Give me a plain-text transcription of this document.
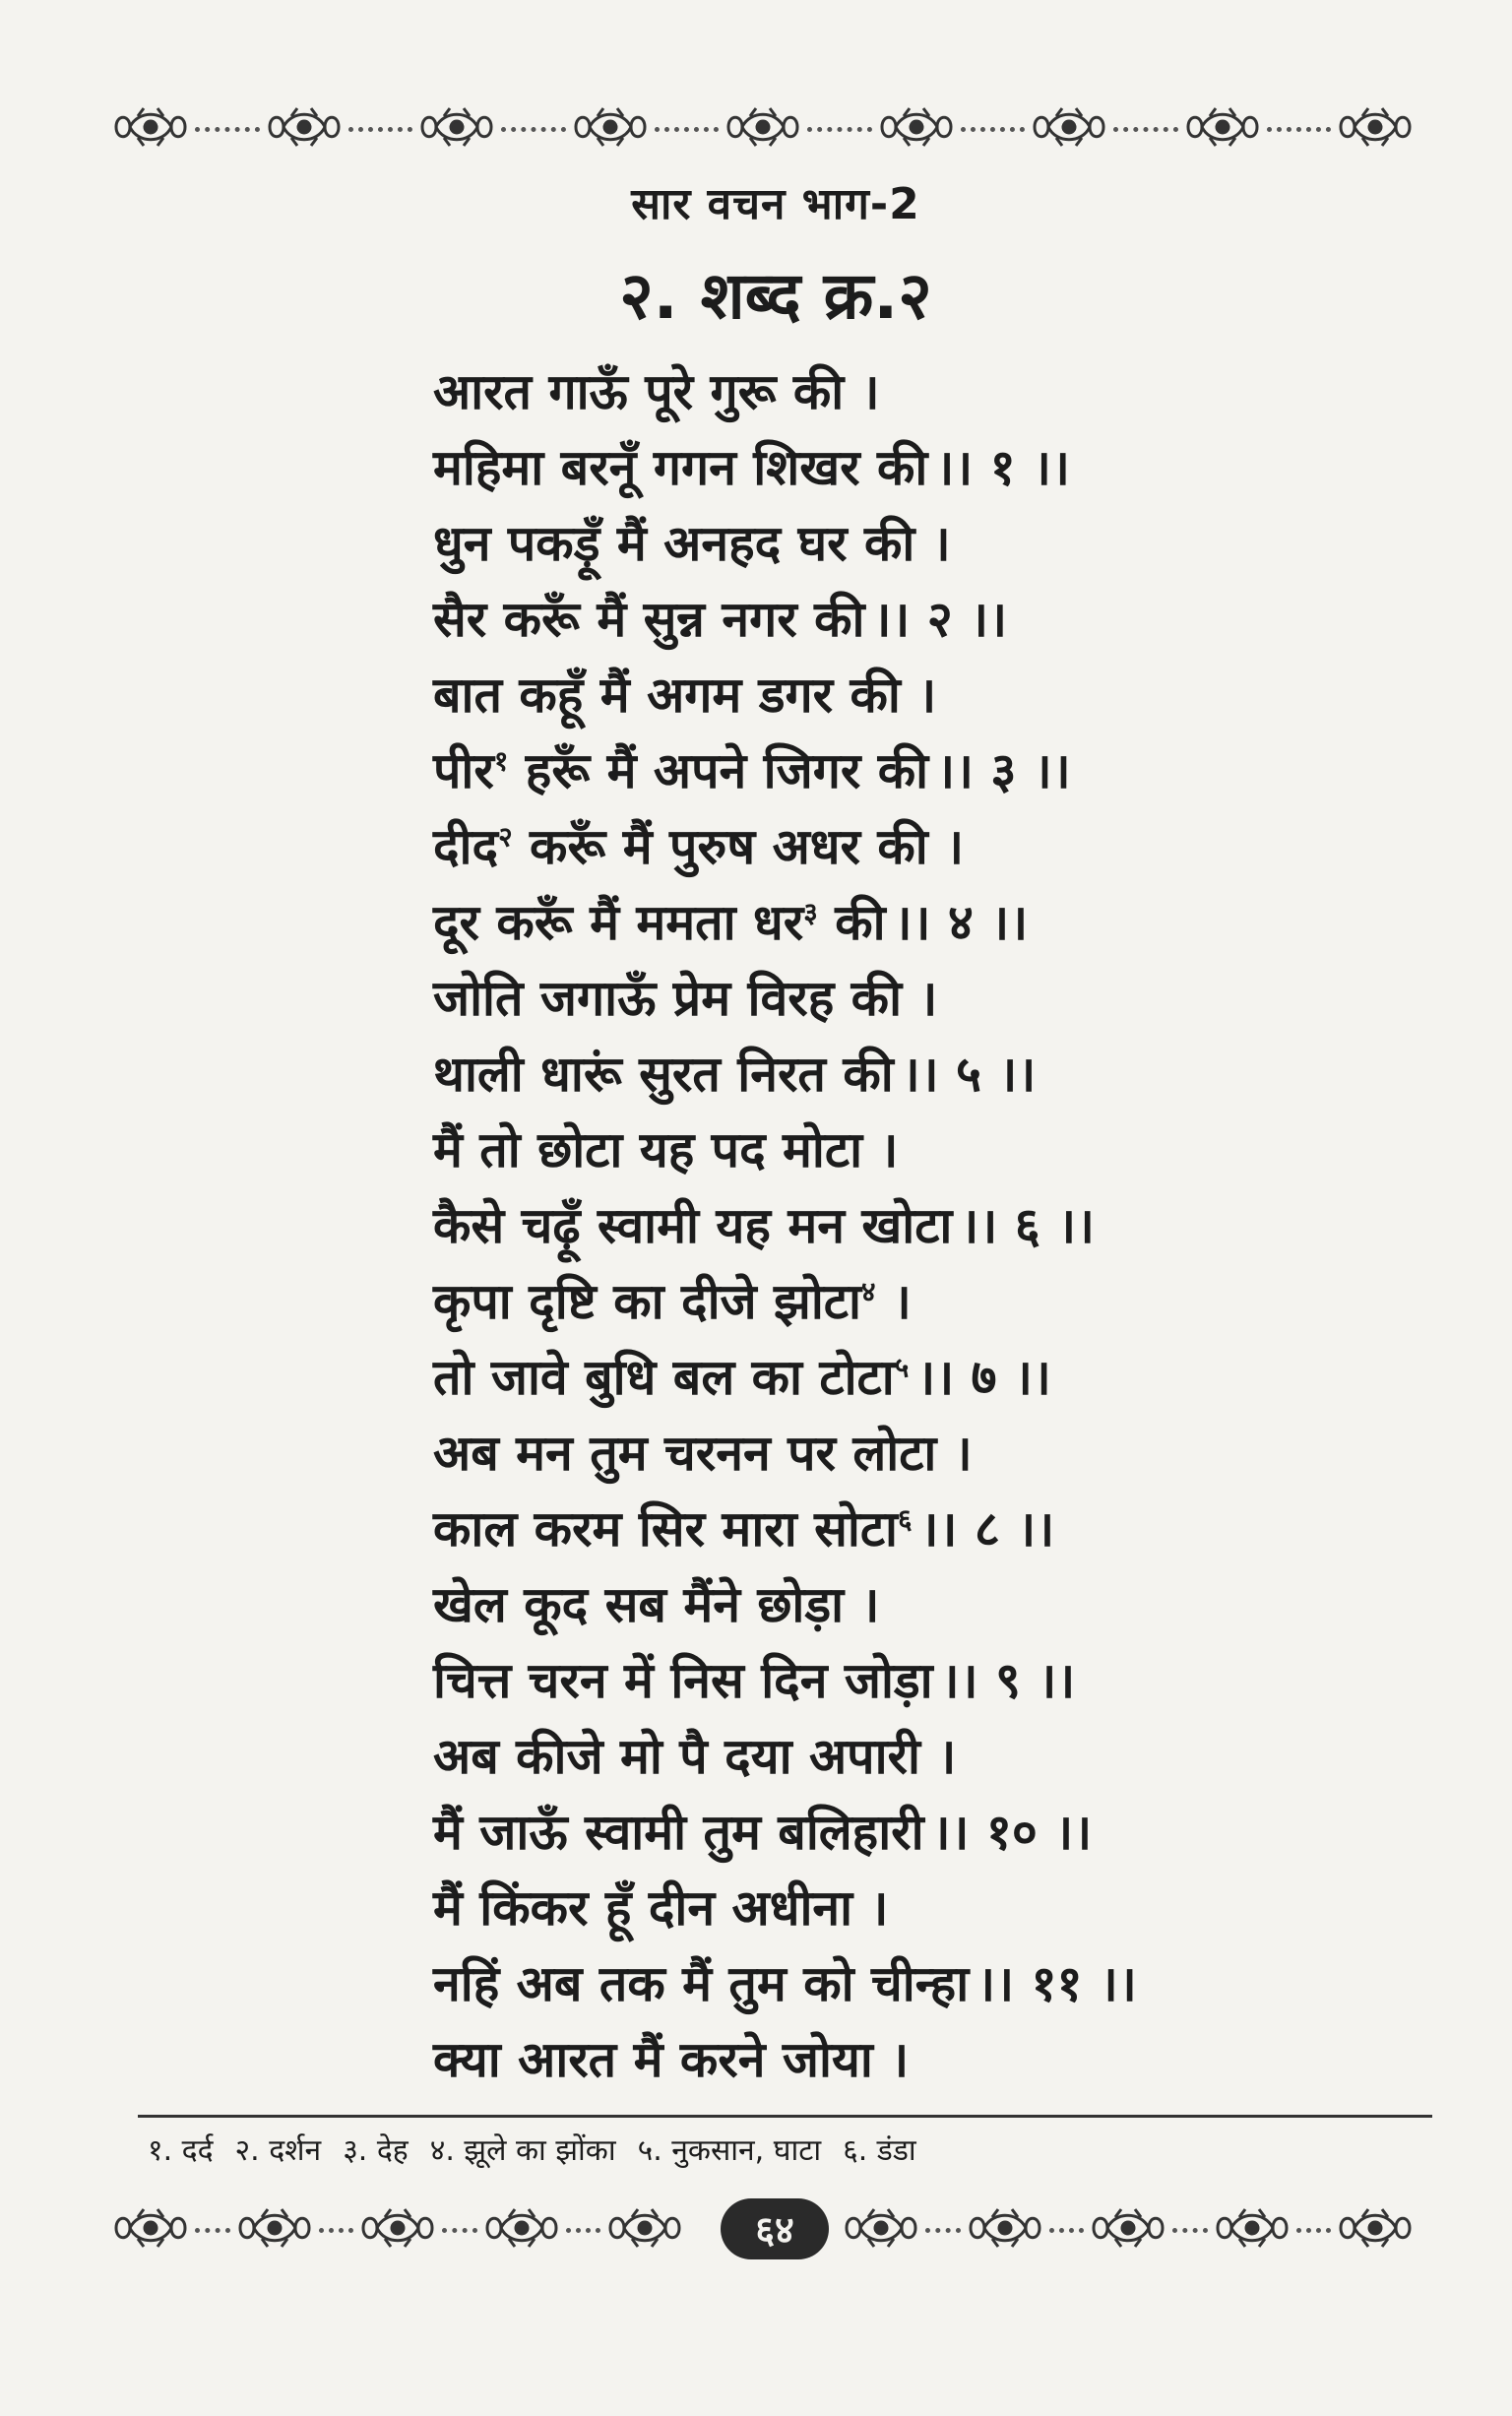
सार वचन भाग-2
२. शब्द क्र.२
आरत गाऊँ पूरे गुरू की ।
महिमा बरनूँ गगन शिखर की ।। १ ।।
धुन पकड़ूँ मैं अनहद घर की ।
सैर करूँ मैं सुन्न नगर की ।। २ ।।
बात कहूँ मैं अगम डगर की ।
पीर$^१$ हरूँ मैं अपने जिगर की ।। ३ ।।
दीद$^२$ करूँ मैं पुरुष अधर की ।
दूर करूँ मैं ममता धर$^३$ की ।। ४ ।।
जोति जगाऊँ प्रेम विरह की ।
थाली धारूं सुरत निरत की ।। ५ ।।
मैं तो छोटा यह पद मोटा ।
कैसे चढ़ूँ स्वामी यह मन खोटा ।। ६ ।।
कृपा दृष्टि का दीजे झोटा$^४$ ।
तो जावे बुधि बल का टोटा$^५$ ।। ७ ।।
अब मन तुम चरनन पर लोटा ।
काल करम सिर मारा सोटा$^६$ ।। ८ ।।
खेल कूद सब मैंने छोड़ा ।
चित्त चरन में निस दिन जोड़ा ।। ९ ।।
अब कीजे मो पै दया अपारी ।
मैं जाऊँ स्वामी तुम बलिहारी ।। १० ।।
मैं किंकर हूँ दीन अधीना ।
नहिं अब तक मैं तुम को चीन्हा ।। ११ ।।
क्या आरत मैं करने जोया ।
१. दर्द २. दर्शन ३. देह ४. झूले का झोंका ५. नुकसान, घाटा ६. डंडा
६४
